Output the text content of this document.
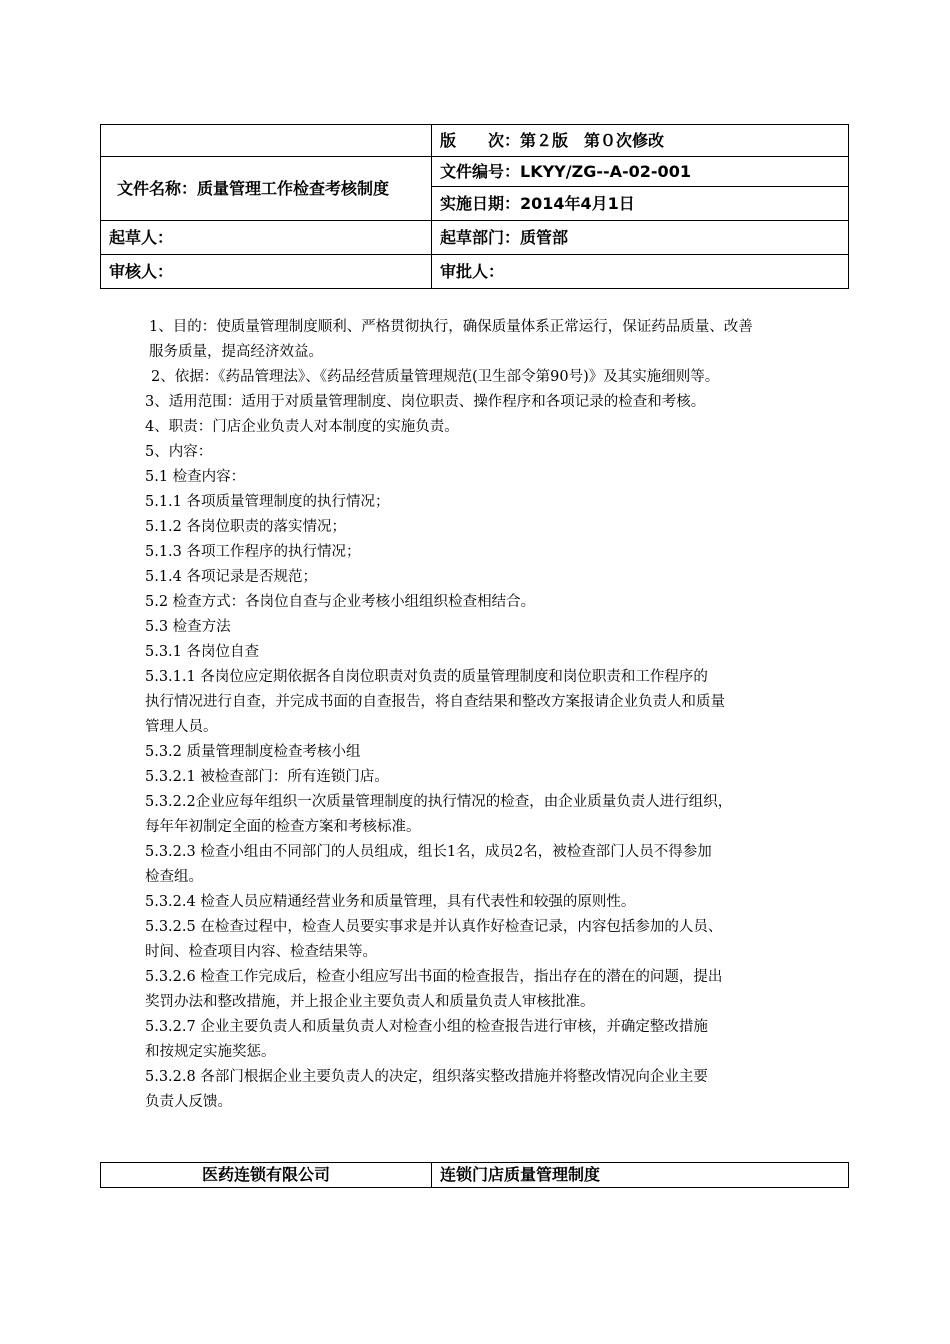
	版　　次：第２版　第０次修改
文件名称：质量管理工作检查考核制度	文件编号：LKYY/ZG--A-02-001
	实施日期：2014年4月1日
起草人：	起草部门：质管部
审核人：	审批人：

1、目的：使质量管理制度顺利、严格贯彻执行，确保质量体系正常运行，保证药品质量、改善

服务质量，提高经济效益。

2、依据：《药品管理法》、《药品经营质量管理规范(卫生部令第90号)》及其实施细则等。

3、适用范围：适用于对质量管理制度、岗位职责、操作程序和各项记录的检查和考核。

4、职责：门店企业负责人对本制度的实施负责。

5、内容：

5.1 检查内容：

5.1.1 各项质量管理制度的执行情况；

5.1.2 各岗位职责的落实情况；

5.1.3 各项工作程序的执行情况；

5.1.4 各项记录是否规范；

5.2 检查方式：各岗位自查与企业考核小组组织检查相结合。

5.3 检查方法

5.3.1 各岗位自查

5.3.1.1 各岗位应定期依据各自岗位职责对负责的质量管理制度和岗位职责和工作程序的

执行情况进行自查，并完成书面的自查报告，将自查结果和整改方案报请企业负责人和质量

管理人员。

5.3.2 质量管理制度检查考核小组

5.3.2.1 被检查部门：所有连锁门店。

5.3.2.2企业应每年组织一次质量管理制度的执行情况的检查，由企业质量负责人进行组织，

每年年初制定全面的检查方案和考核标准。

5.3.2.3 检查小组由不同部门的人员组成，组长1名，成员2名，被检查部门人员不得参加

检查组。

5.3.2.4 检查人员应精通经营业务和质量管理，具有代表性和较强的原则性。

5.3.2.5 在检查过程中，检查人员要实事求是并认真作好检查记录，内容包括参加的人员、

时间、检查项目内容、检查结果等。

5.3.2.6 检查工作完成后，检查小组应写出书面的检查报告，指出存在的潜在的问题，提出

奖罚办法和整改措施，并上报企业主要负责人和质量负责人审核批准。

5.3.2.7 企业主要负责人和质量负责人对检查小组的检查报告进行审核，并确定整改措施

和按规定实施奖惩。

5.3.2.8 各部门根据企业主要负责人的决定，组织落实整改措施并将整改情况向企业主要

负责人反馈。

医药连锁有限公司	连锁门店质量管理制度
